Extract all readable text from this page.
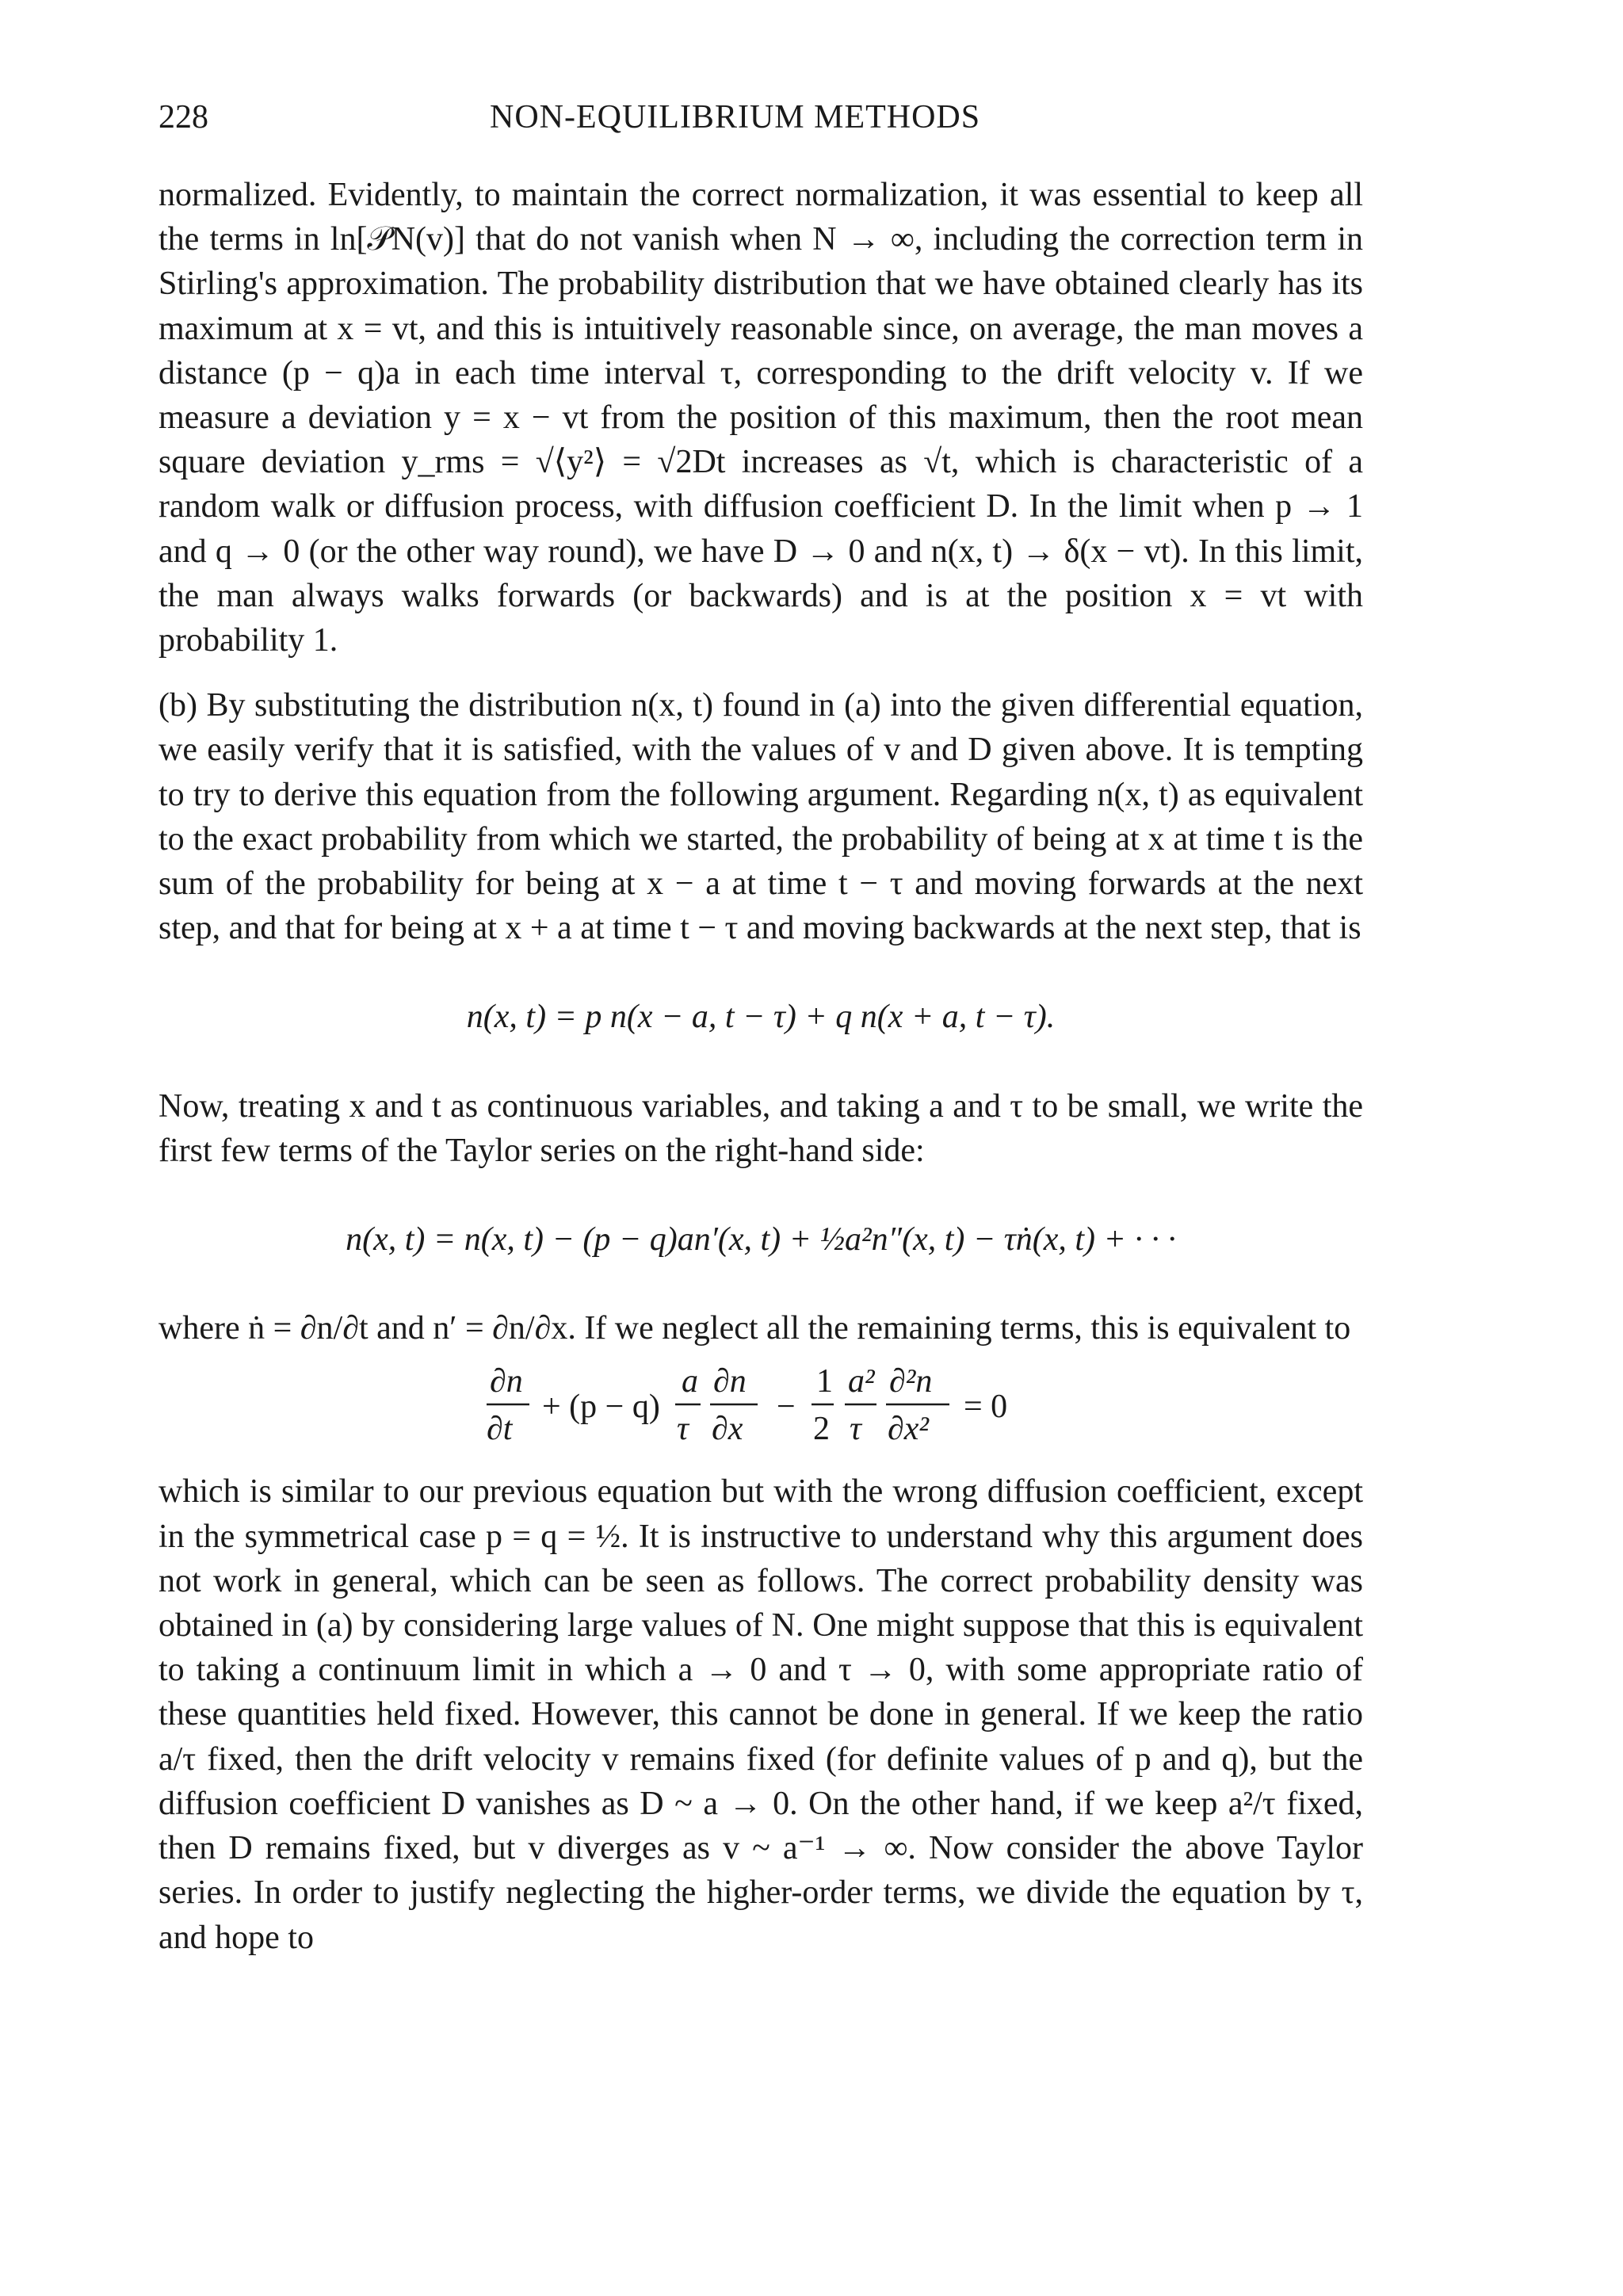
228	NON-EQUILIBRIUM METHODS

normalized. Evidently, to maintain the correct normalization, it was essential to keep all the terms in ln[𝒫N(v)] that do not vanish when N → ∞, including the correction term in Stirling's approximation. The probability distribution that we have obtained clearly has its maximum at x = vt, and this is intuitively reasonable since, on average, the man moves a distance (p − q)a in each time interval τ, corresponding to the drift velocity v. If we measure a deviation y = x − vt from the position of this maximum, then the root mean square deviation y_rms = √⟨y²⟩ = √2Dt increases as √t, which is characteristic of a random walk or diffusion process, with diffusion coefficient D. In the limit when p → 1 and q → 0 (or the other way round), we have D → 0 and n(x, t) → δ(x − vt). In this limit, the man always walks forwards (or backwards) and is at the position x = vt with probability 1.

(b) By substituting the distribution n(x, t) found in (a) into the given differential equation, we easily verify that it is satisfied, with the values of v and D given above. It is tempting to try to derive this equation from the following argument. Regarding n(x, t) as equivalent to the exact probability from which we started, the probability of being at x at time t is the sum of the probability for being at x − a at time t − τ and moving forwards at the next step, and that for being at x + a at time t − τ and moving backwards at the next step, that is

n(x, t) = p n(x − a, t − τ) + q n(x + a, t − τ).

Now, treating x and t as continuous variables, and taking a and τ to be small, we write the first few terms of the Taylor series on the right-hand side:

n(x, t) = n(x, t) − (p − q)an′(x, t) + ½a²n″(x, t) − τṅ(x, t) + · · ·

where ṅ = ∂n/∂t and n′ = ∂n/∂x. If we neglect all the remaining terms, this is equivalent to

∂n
∂t
+ (p − q)
a
τ
∂n
∂x
−
1
2
a²
τ
∂²n
∂x²
= 0

which is similar to our previous equation but with the wrong diffusion coefficient, except in the symmetrical case p = q = ½. It is instructive to understand why this argument does not work in general, which can be seen as follows. The correct probability density was obtained in (a) by considering large values of N. One might suppose that this is equivalent to taking a continuum limit in which a → 0 and τ → 0, with some appropriate ratio of these quantities held fixed. However, this cannot be done in general. If we keep the ratio a/τ fixed, then the drift velocity v remains fixed (for definite values of p and q), but the diffusion coefficient D vanishes as D ~ a → 0. On the other hand, if we keep a²/τ fixed, then D remains fixed, but v diverges as v ~ a⁻¹ → ∞. Now consider the above Taylor series. In order to justify neglecting the higher-order terms, we divide the equation by τ, and hope to
